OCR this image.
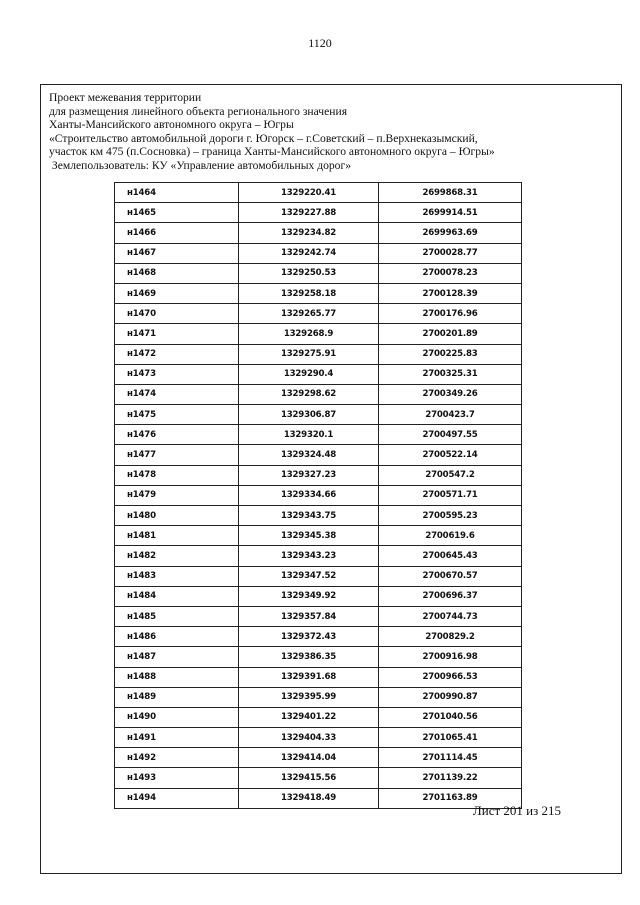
1120
Проект межевания территории
для размещения линейного объекта регионального значения
Ханты-Мансийского автономного округа – Югры
«Строительство автомобильной дороги г. Югорск – г.Советский – п.Верхнеказымский,
участок км 475 (п.Сосновка) – граница Ханты-Мансийского автономного округа – Югры»
Землепользователь: КУ «Управление автомобильных дорог»
н1464	1329220.41	2699868.31
н1465	1329227.88	2699914.51
н1466	1329234.82	2699963.69
н1467	1329242.74	2700028.77
н1468	1329250.53	2700078.23
н1469	1329258.18	2700128.39
н1470	1329265.77	2700176.96
н1471	1329268.9	2700201.89
н1472	1329275.91	2700225.83
н1473	1329290.4	2700325.31
н1474	1329298.62	2700349.26
н1475	1329306.87	2700423.7
н1476	1329320.1	2700497.55
н1477	1329324.48	2700522.14
н1478	1329327.23	2700547.2
н1479	1329334.66	2700571.71
н1480	1329343.75	2700595.23
н1481	1329345.38	2700619.6
н1482	1329343.23	2700645.43
н1483	1329347.52	2700670.57
н1484	1329349.92	2700696.37
н1485	1329357.84	2700744.73
н1486	1329372.43	2700829.2
н1487	1329386.35	2700916.98
н1488	1329391.68	2700966.53
н1489	1329395.99	2700990.87
н1490	1329401.22	2701040.56
н1491	1329404.33	2701065.41
н1492	1329414.04	2701114.45
н1493	1329415.56	2701139.22
н1494	1329418.49	2701163.89
Лист 201 из 215
